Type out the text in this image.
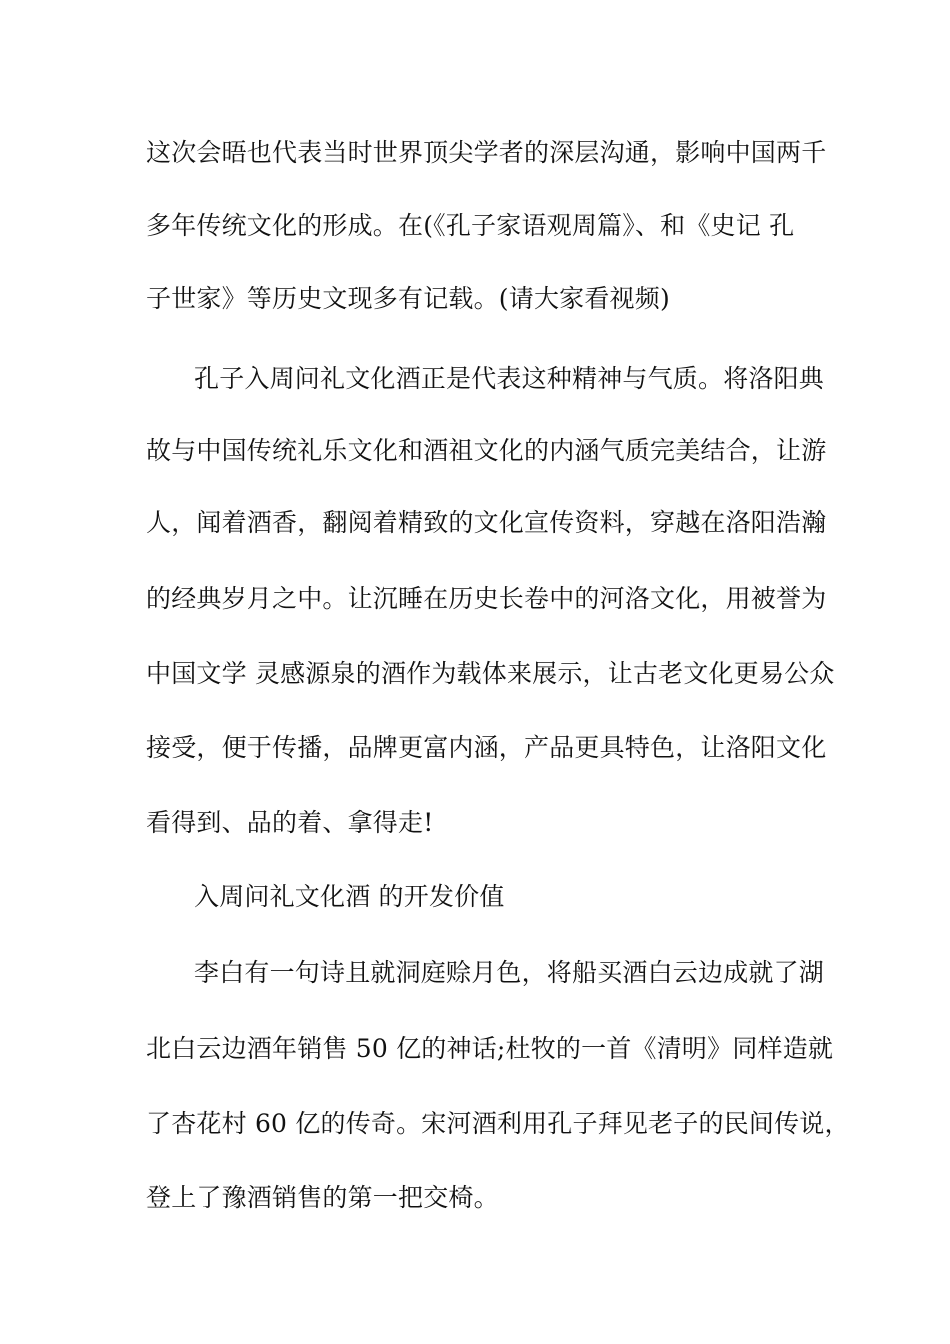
这次会晤也代表当时世界顶尖学者的深层沟通，影响中国两千
多年传统文化的形成。在(《孔子家语观周篇》、和《史记 孔
子世家》等历史文现多有记载。(请大家看视频)
孔子入周问礼文化酒正是代表这种精神与气质。将洛阳典
故与中国传统礼乐文化和酒祖文化的内涵气质完美结合，让游
人，闻着酒香，翻阅着精致的文化宣传资料，穿越在洛阳浩瀚
的经典岁月之中。让沉睡在历史长卷中的河洛文化，用被誉为
中国文学 灵感源泉的酒作为载体来展示，让古老文化更易公众
接受，便于传播，品牌更富内涵，产品更具特色，让洛阳文化
看得到、品的着、拿得走!
入周问礼文化酒 的开发价值
李白有一句诗且就洞庭赊月色，将船买酒白云边成就了湖
北白云边酒年销售 50 亿的神话;杜牧的一首《清明》同样造就
了杏花村 60 亿的传奇。宋河酒利用孔子拜见老子的民间传说，
登上了豫酒销售的第一把交椅。
